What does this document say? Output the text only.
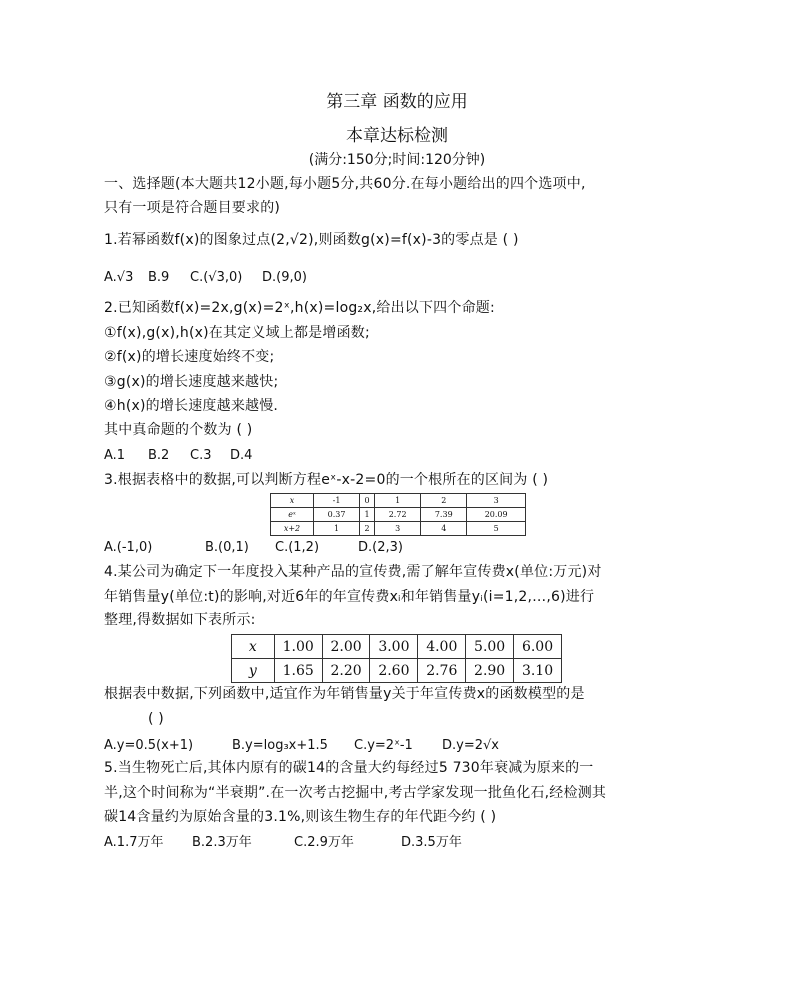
第三章 函数的应用
本章达标检测
(满分:150分;时间:120分钟)
一、选择题(本大题共12小题,每小题5分,共60分.在每小题给出的四个选项中,
只有一项是符合题目要求的)
1.若幂函数f(x)的图象过点(2,√2),则函数g(x)=f(x)-3的零点是 ( )
A.√3 B.9 C.(√3,0) D.(9,0)
2.已知函数f(x)=2x,g(x)=2ˣ,h(x)=log₂x,给出以下四个命题:
①f(x),g(x),h(x)在其定义域上都是增函数;
②f(x)的增长速度始终不变;
③g(x)的增长速度越来越快;
④h(x)的增长速度越来越慢.
其中真命题的个数为 ( )
A.1 B.2 C.3 D.4
3.根据表格中的数据,可以判断方程eˣ-x-2=0的一个根所在的区间为 ( )
x	-1	0	1	2	3
eˣ	0.37	1	2.72	7.39	20.09
x+2	1	2	3	4	5
A.(-1,0)	B.(0,1) C.(1,2)	D.(2,3)
4.某公司为确定下一年度投入某种产品的宣传费,需了解年宣传费x(单位:万元)对
年销售量y(单位:t)的影响,对近6年的年宣传费xᵢ和年销售量yᵢ(i=1,2,…,6)进行
整理,得数据如下表所示:
x	1.00	2.00	3.00	4.00	5.00	6.00
y	1.65	2.20	2.60	2.76	2.90	3.10
根据表中数据,下列函数中,适宜作为年销售量y关于年宣传费x的函数模型的是
( )
A.y=0.5(x+1)	B.y=log₃x+1.5 C.y=2ˣ-1 D.y=2√x
5.当生物死亡后,其体内原有的碳14的含量大约每经过5 730年衰减为原来的一
半,这个时间称为“半衰期”.在一次考古挖掘中,考古学家发现一批鱼化石,经检测其
碳14含量约为原始含量的3.1%,则该生物生存的年代距今约 ( )
A.1.7万年 B.2.3万年	C.2.9万年	D.3.5万年
